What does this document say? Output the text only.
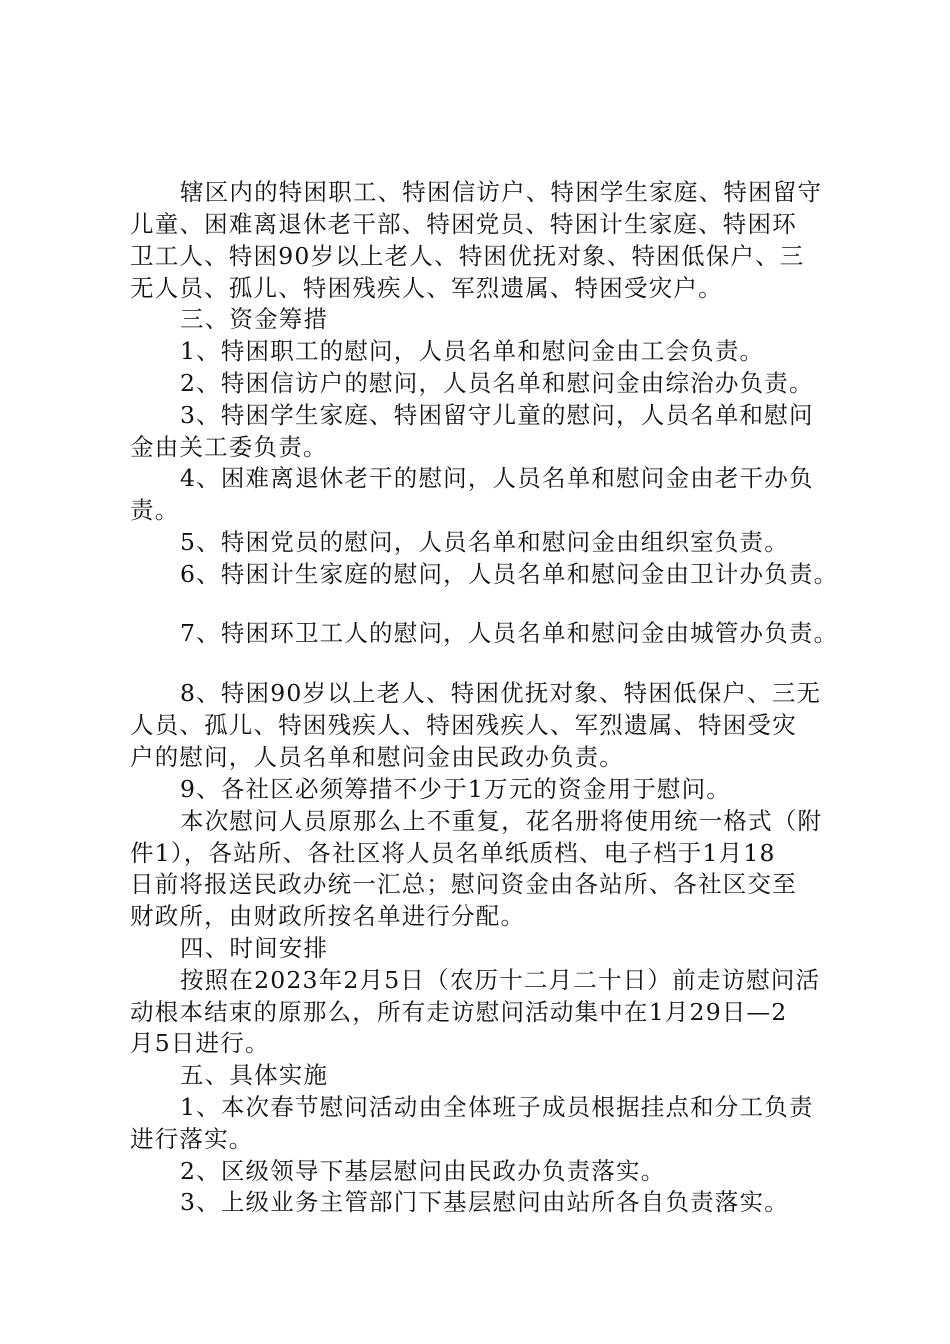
辖区内的特困职工、特困信访户、特困学生家庭、特困留守

儿童、困难离退休老干部、特困党员、特困计生家庭、特困环

卫工人、特困90岁以上老人、特困优抚对象、特困低保户、三

无人员、孤儿、特困残疾人、军烈遗属、特困受灾户。

三、资金筹措

1、特困职工的慰问，人员名单和慰问金由工会负责。

2、特困信访户的慰问，人员名单和慰问金由综治办负责。

3、特困学生家庭、特困留守儿童的慰问，人员名单和慰问

金由关工委负责。

4、困难离退休老干的慰问，人员名单和慰问金由老干办负

责。

5、特困党员的慰问，人员名单和慰问金由组织室负责。

6、特困计生家庭的慰问，人员名单和慰问金由卫计办负责。

7、特困环卫工人的慰问，人员名单和慰问金由城管办负责。

8、特困90岁以上老人、特困优抚对象、特困低保户、三无

人员、孤儿、特困残疾人、特困残疾人、军烈遗属、特困受灾

户的慰问，人员名单和慰问金由民政办负责。

9、各社区必须筹措不少于1万元的资金用于慰问。

本次慰问人员原那么上不重复，花名册将使用统一格式（附

件1），各站所、各社区将人员名单纸质档、电子档于1月18

日前将报送民政办统一汇总；慰问资金由各站所、各社区交至

财政所，由财政所按名单进行分配。

四、时间安排

按照在2023年2月5日（农历十二月二十日）前走访慰问活

动根本结束的原那么，所有走访慰问活动集中在1月29日—2

月5日进行。

五、具体实施

1、本次春节慰问活动由全体班子成员根据挂点和分工负责

进行落实。

2、区级领导下基层慰问由民政办负责落实。

3、上级业务主管部门下基层慰问由站所各自负责落实。
